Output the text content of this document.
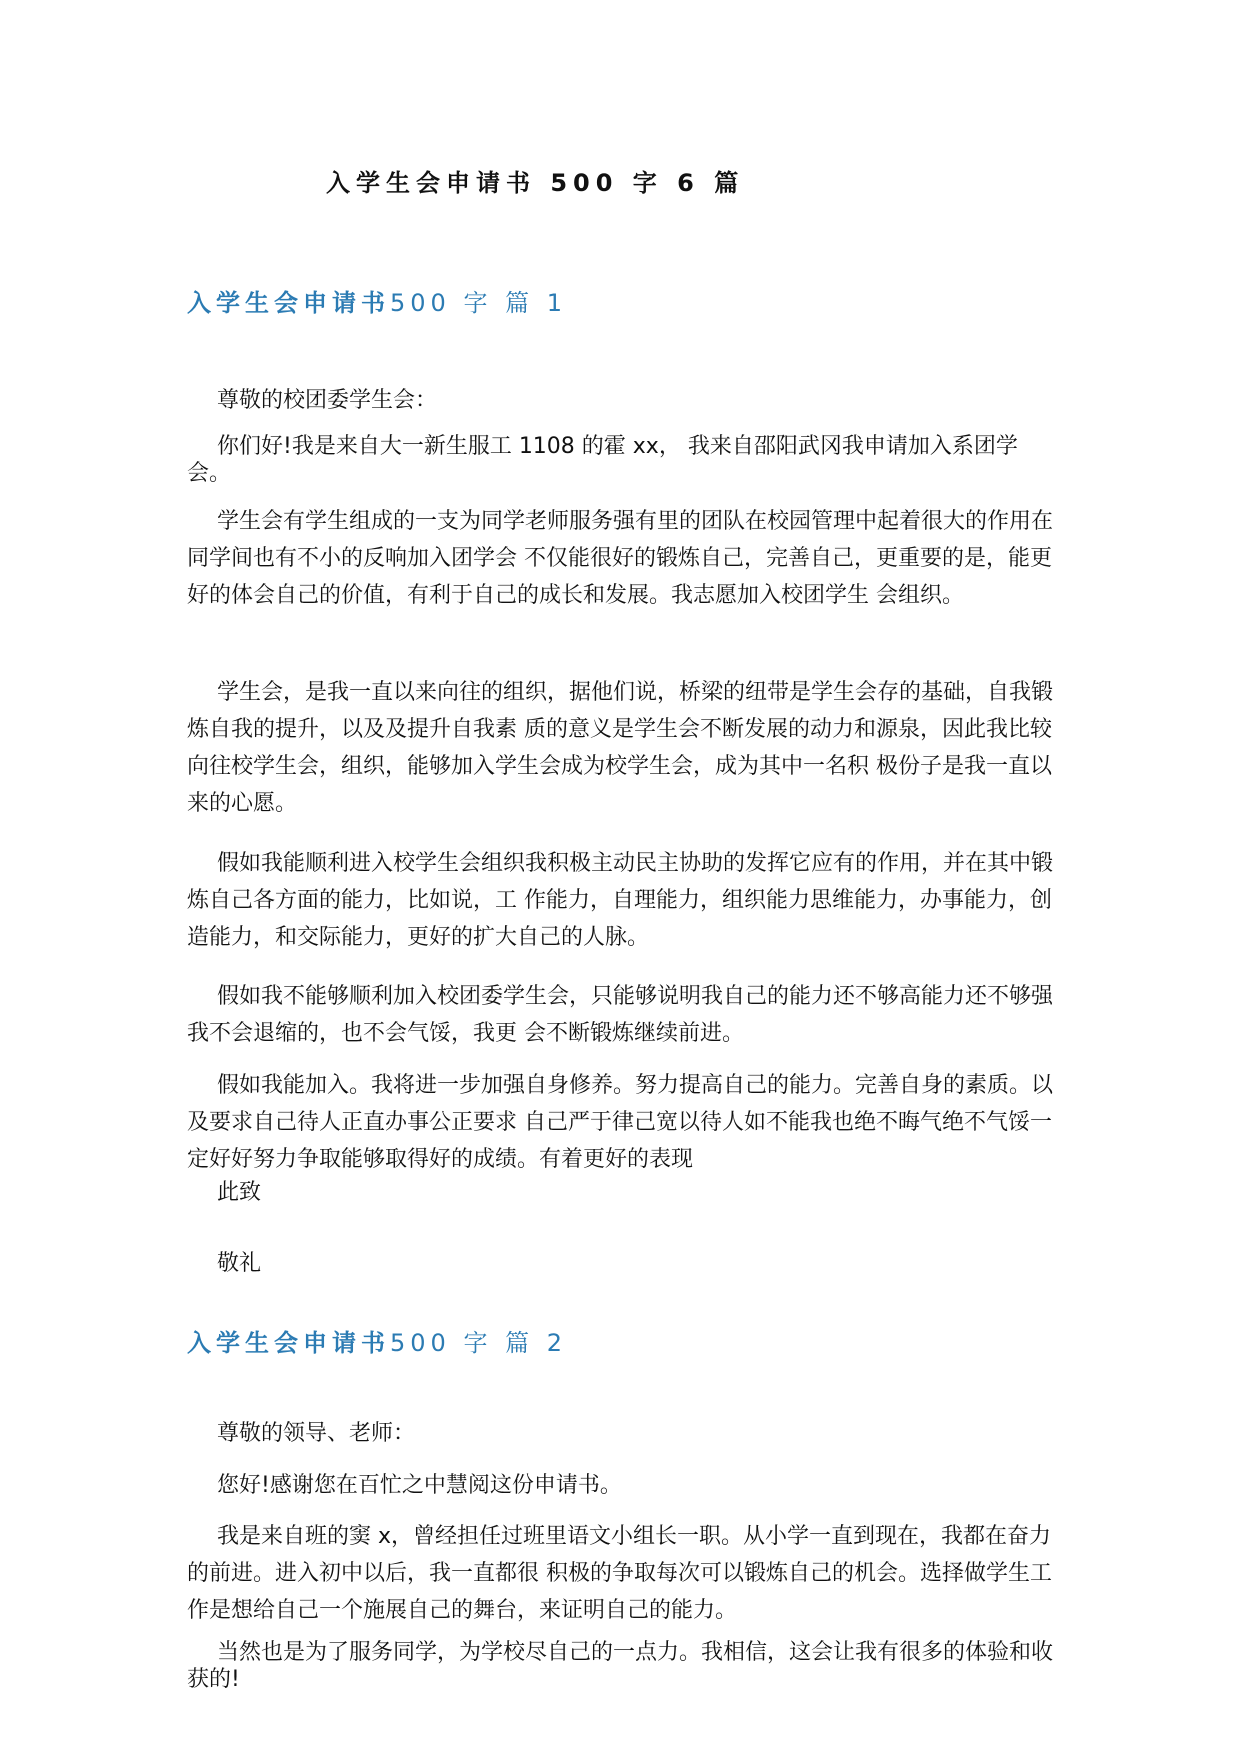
入学生会申请书 500 字 6 篇
入学生会申请书500 字 篇 1

尊敬的校团委学生会：

你们好!我是来自大一新生服工 1108 的霍 xx， 我来自邵阳武冈我申请加入系团学会。

学生会有学生组成的一支为同学老师服务强有里的团队在校园管理中起着很大的作用在同学间也有不小的反响加入团学会 不仅能很好的锻炼自己，完善自己，更重要的是，能更好的体会自己的价值，有利于自己的成长和发展。我志愿加入校团学生 会组织。

学生会，是我一直以来向往的组织，据他们说，桥梁的纽带是学生会存的基础，自我锻炼自我的提升，以及及提升自我素 质的意义是学生会不断发展的动力和源泉，因此我比较向往校学生会，组织，能够加入学生会成为校学生会，成为其中一名积 极份子是我一直以来的心愿。

假如我能顺利进入校学生会组织我积极主动民主协助的发挥它应有的作用，并在其中锻炼自己各方面的能力，比如说，工 作能力，自理能力，组织能力思维能力，办事能力，创造能力，和交际能力，更好的扩大自己的人脉。

假如我不能够顺利加入校团委学生会，只能够说明我自己的能力还不够高能力还不够强我不会退缩的，也不会气馁，我更 会不断锻炼继续前进。

假如我能加入。我将进一步加强自身修养。努力提高自己的能力。完善自身的素质。以及要求自己待人正直办事公正要求 自己严于律己宽以待人如不能我也绝不晦气绝不气馁一定好好努力争取能够取得好的成绩。有着更好的表现

此致

敬礼

入学生会申请书500 字 篇 2

尊敬的领导、老师：

您好!感谢您在百忙之中慧阅这份申请书。

我是来自班的窦 x，曾经担任过班里语文小组长一职。从小学一直到现在，我都在奋力的前进。进入初中以后，我一直都很 积极的争取每次可以锻炼自己的机会。选择做学生工作是想给自己一个施展自己的舞台，来证明自己的能力。

当然也是为了服务同学，为学校尽自己的一点力。我相信，这会让我有很多的体验和收获的!
